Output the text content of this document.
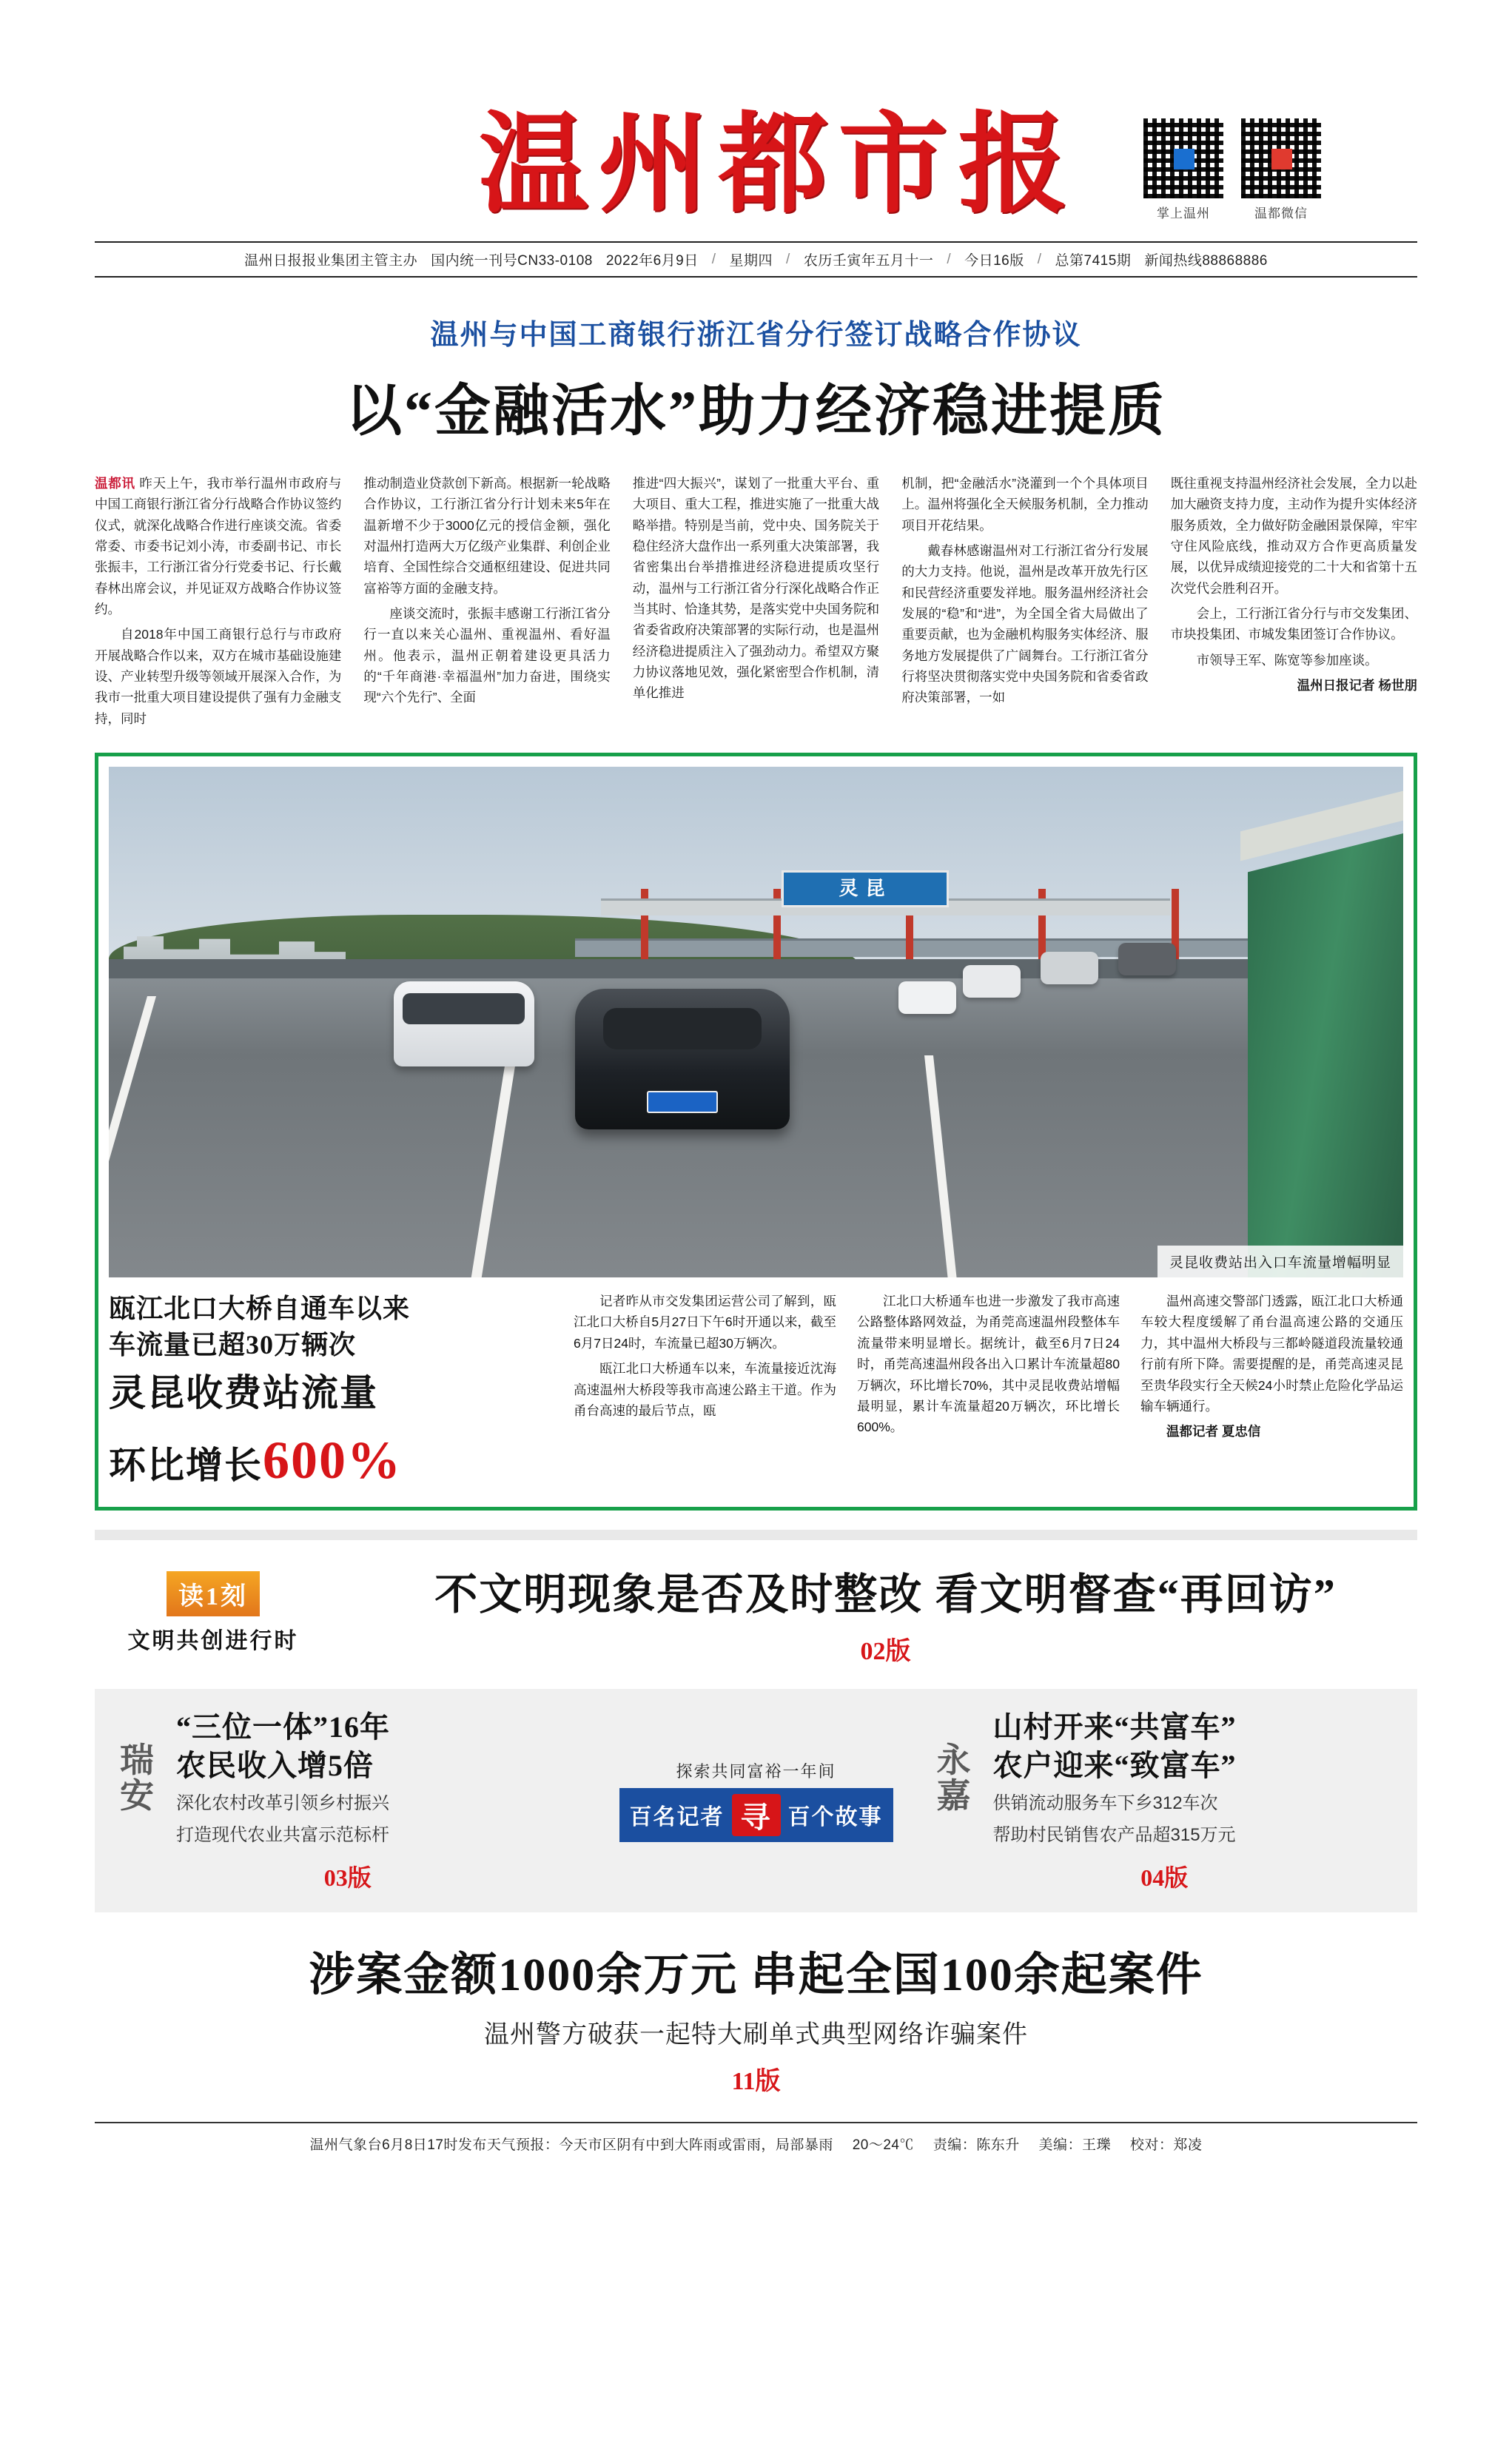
温州都市报	掌上温州	温都微信
温州日报报业集团主管主办 国内统一刊号CN33-0108 2022年6月9日 / 星期四 / 农历壬寅年五月十一 / 今日16版 / 总第7415期 新闻热线88868886
温州与中国工商银行浙江省分行签订战略合作协议
以“金融活水”助力经济稳进提质

温都讯 昨天上午，我市举行温州市政府与中国工商银行浙江省分行战略合作协议签约仪式，就深化战略合作进行座谈交流。省委常委、市委书记刘小涛，市委副书记、市长张振丰，工行浙江省分行党委书记、行长戴春林出席会议，并见证双方战略合作协议签约。

自2018年中国工商银行总行与市政府开展战略合作以来，双方在城市基础设施建设、产业转型升级等领域开展深入合作，为我市一批重大项目建设提供了强有力金融支持，同时

推动制造业贷款创下新高。根据新一轮战略合作协议，工行浙江省分行计划未来5年在温新增不少于3000亿元的授信金额，强化对温州打造两大万亿级产业集群、利创企业培育、全国性综合交通枢纽建设、促进共同富裕等方面的金融支持。

座谈交流时，张振丰感谢工行浙江省分行一直以来关心温州、重视温州、看好温州。他表示，温州正朝着建设更具活力的“千年商港·幸福温州”加力奋进，围绕实现“六个先行”、全面

推进“四大振兴”，谋划了一批重大平台、重大项目、重大工程，推进实施了一批重大战略举措。特别是当前，党中央、国务院关于稳住经济大盘作出一系列重大决策部署，我省密集出台举措推进经济稳进提质攻坚行动，温州与工行浙江省分行深化战略合作正当其时、恰逢其势，是落实党中央国务院和省委省政府决策部署的实际行动，也是温州经济稳进提质注入了强劲动力。希望双方聚力协议落地见效，强化紧密型合作机制，清单化推进

机制，把“金融活水”浇灌到一个个具体项目上。温州将强化全天候服务机制，全力推动项目开花结果。

戴春林感谢温州对工行浙江省分行发展的大力支持。他说，温州是改革开放先行区和民营经济重要发祥地。服务温州经济社会发展的“稳”和“进”，为全国全省大局做出了重要贡献，也为金融机构服务实体经济、服务地方发展提供了广阔舞台。工行浙江省分行将坚决贯彻落实党中央国务院和省委省政府决策部署，一如

既往重视支持温州经济社会发展，全力以赴加大融资支持力度，主动作为提升实体经济服务质效，全力做好防金融困景保障，牢牢守住风险底线，推动双方合作更高质量发展，以优异成绩迎接党的二十大和省第十五次党代会胜利召开。

会上，工行浙江省分行与市交发集团、市块投集团、市城发集团签订合作协议。

市领导王军、陈宽等参加座谈。

温州日报记者 杨世朋

灵昆
灵昆收费站出入口车流量增幅明显
瓯江北口大桥自通车以来
车流量已超30万辆次
灵昆收费站流量
环比增长600%

记者昨从市交发集团运营公司了解到，瓯江北口大桥自5月27日下午6时开通以来，截至6月7日24时，车流量已超30万辆次。

瓯江北口大桥通车以来，车流量接近沈海高速温州大桥段等我市高速公路主干道。作为甬台高速的最后节点，瓯

江北口大桥通车也进一步激发了我市高速公路整体路网效益，为甬莞高速温州段整体车流量带来明显增长。据统计，截至6月7日24时，甬莞高速温州段各出入口累计车流量超80万辆次，环比增长70%，其中灵昆收费站增幅最明显，累计车流量超20万辆次，环比增长600%。

温州高速交警部门透露，瓯江北口大桥通车较大程度缓解了甬台温高速公路的交通压力，其中温州大桥段与三都岭隧道段流量较通行前有所下降。需要提醒的是，甬莞高速灵昆至贵华段实行全天候24小时禁止危险化学品运输车辆通行。

温都记者 夏忠信

读1刻
文明共创进行时
不文明现象是否及时整改 看文明督查“再回访”
02版
瑞安
“三位一体”16年
农民收入增5倍
深化农村改革引领乡村振兴
打造现代农业共富示范标杆
03版
探索共同富裕一年间
百名记者 寻 百个故事
永嘉
山村开来“共富车”
农户迎来“致富车”
供销流动服务车下乡312车次
帮助村民销售农产品超315万元
04版
涉案金额1000余万元 串起全国100余起案件
温州警方破获一起特大刷单式典型网络诈骗案件
11版
温州气象台6月8日17时发布天气预报：今天市区阴有中到大阵雨或雷雨，局部暴雨 20～24℃ 责编：陈东升 美编：王瓅 校对：郑凌
